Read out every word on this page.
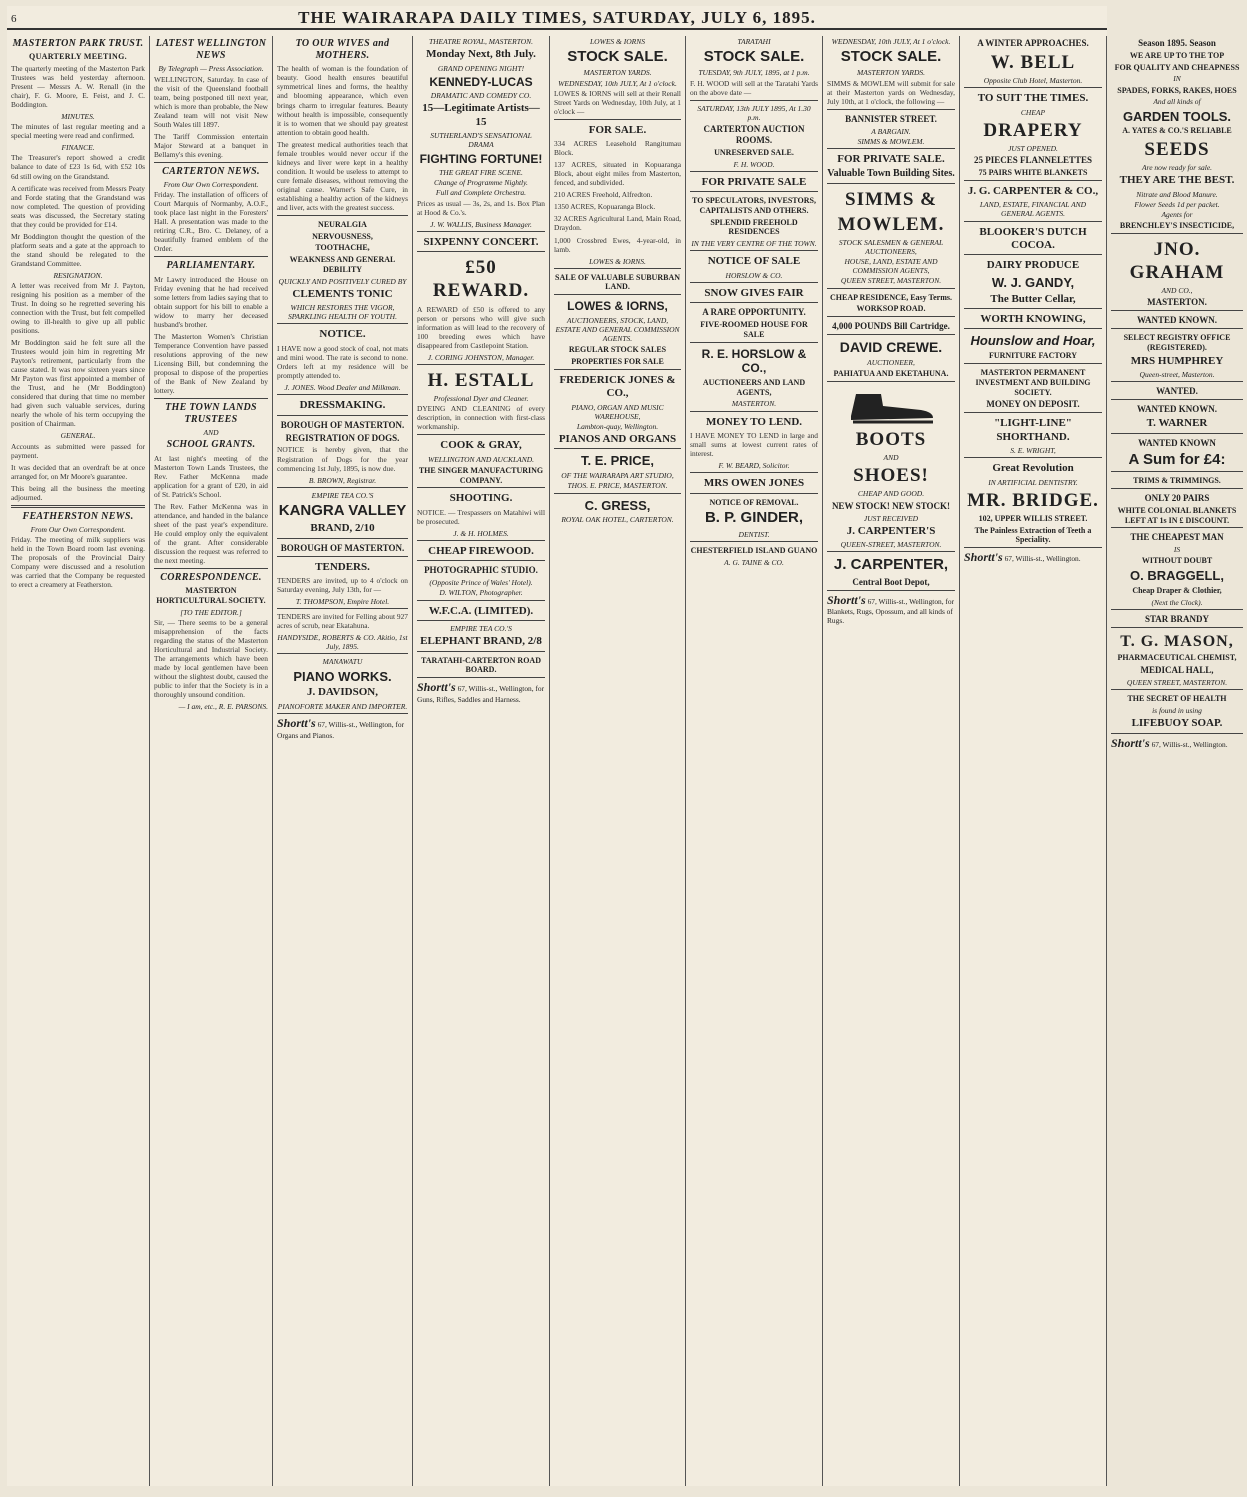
6	THE WAIRARAPA DAILY TIMES, SATURDAY, JULY 6, 1895.
MASTERTON PARK TRUST.
QUARTERLY MEETING.

The quarterly meeting of the Masterton Park Trustees was held yesterday afternoon. Present — Messrs A. W. Renall (in the chair), F. G. Moore, E. Feist, and J. C. Boddington.

MINUTES.

The minutes of last regular meeting and a special meeting were read and confirmed.

FINANCE.

The Treasurer's report showed a credit balance to date of £23 1s 6d, with £52 10s 6d still owing on the Grandstand.

A certificate was received from Messrs Peaty and Forde stating that the Grandstand was now completed. The question of providing seats was discussed, the Secretary stating that they could be provided for £14.

Mr Boddington thought the question of the platform seats and a gate at the approach to the stand should be relegated to the Grandstand Committee.

RESIGNATION.

A letter was received from Mr J. Payton, resigning his position as a member of the Trust. In doing so he regretted severing his connection with the Trust, but felt compelled owing to ill-health to give up all public positions.

Mr Boddington said he felt sure all the Trustees would join him in regretting Mr Payton's retirement, particularly from the cause stated. It was now sixteen years since Mr Payton was first appointed a member of the Trust, and he (Mr Boddington) considered that during that time no member had given such valuable services, during nearly the whole of his term occupying the position of Chairman.

GENERAL.

Accounts as submitted were passed for payment.

It was decided that an overdraft be at once arranged for, on Mr Moore's guarantee.

This being all the business the meeting adjourned.

FEATHERSTON NEWS.
From Our Own Correspondent.

Friday. The meeting of milk suppliers was held in the Town Board room last evening. The proposals of the Provincial Dairy Company were discussed and a resolution was carried that the Company be requested to erect a creamery at Featherston.

LATEST WELLINGTON NEWS
By Telegraph — Press Association.

WELLINGTON, Saturday. In case of the visit of the Queensland football team, being postponed till next year, which is more than probable, the New Zealand team will not visit New South Wales till 1897.

The Tariff Commission entertain Major Steward at a banquet in Bellamy's this evening.

CARTERTON NEWS.
From Our Own Correspondent.

Friday. The installation of officers of Court Marquis of Normanby, A.O.F., took place last night in the Foresters' Hall. A presentation was made to the retiring C.R., Bro. C. Delaney, of a beautifully framed emblem of the Order.

PARLIAMENTARY.

Mr Lawry introduced the House on Friday evening that he had received some letters from ladies saying that to obtain support for his bill to enable a widow to marry her deceased husband's brother.

The Masterton Women's Christian Temperance Convention have passed resolutions approving of the new Licensing Bill, but condemning the proposal to dispose of the properties of the Bank of New Zealand by lottery.

THE TOWN LANDS TRUSTEES
AND
SCHOOL GRANTS.

At last night's meeting of the Masterton Town Lands Trustees, the Rev. Father McKenna made application for a grant of £20, in aid of St. Patrick's School.

The Rev. Father McKenna was in attendance, and handed in the balance sheet of the past year's expenditure. He could employ only the equivalent of the grant. After considerable discussion the request was referred to the next meeting.

CORRESPONDENCE.
MASTERTON HORTICULTURAL SOCIETY.
[TO THE EDITOR.]

Sir, — There seems to be a general misapprehension of the facts regarding the status of the Masterton Horticultural and Industrial Society. The arrangements which have been made by local gentlemen have been without the slightest doubt, caused the public to infer that the Society is in a thoroughly unsound condition.

— I am, etc., R. E. PARSONS.
TO OUR WIVES and MOTHERS.

The health of woman is the foundation of beauty. Good health ensures beautiful symmetrical lines and forms, the healthy and blooming appearance, which even brings charm to irregular features. Beauty without health is impossible, consequently it is to women that we should pay greatest attention to obtain good health.

The greatest medical authorities teach that female troubles would never occur if the kidneys and liver were kept in a healthy condition. It would be useless to attempt to cure female diseases, without removing the original cause. Warner's Safe Cure, in establishing a healthy action of the kidneys and liver, acts with the greatest success.

NEURALGIA
NERVOUSNESS,
TOOTHACHE,
WEAKNESS AND GENERAL DEBILITY
QUICKLY AND POSITIVELY CURED BY
CLEMENTS TONIC
WHICH RESTORES THE VIGOR, SPARKLING HEALTH OF YOUTH.
NOTICE.

I HAVE now a good stock of coal, not mats and mini wood. The rate is second to none. Orders left at my residence will be promptly attended to.

J. JONES. Wood Dealer and Milkman.
DRESSMAKING.
BOROUGH OF MASTERTON.
REGISTRATION OF DOGS.

NOTICE is hereby given, that the Registration of Dogs for the year commencing 1st July, 1895, is now due.

B. BROWN, Registrar.
EMPIRE TEA CO.'S
KANGRA VALLEY
BRAND, 2/10
BOROUGH OF MASTERTON.
TENDERS.

TENDERS are invited, up to 4 o'clock on Saturday evening, July 13th, for —

T. THOMPSON, Empire Hotel.

TENDERS are invited for Felling about 927 acres of scrub, near Ekatahuna.

HANDYSIDE, ROBERTS & CO. Akitio, 1st July, 1895.
MANAWATU
PIANO WORKS.
J. DAVIDSON,
PIANOFORTE MAKER AND IMPORTER.
Shortt's 67, Willis-st., Wellington, for Organs and Pianos.
THEATRE ROYAL, MASTERTON.
Monday Next, 8th July.
GRAND OPENING NIGHT!
KENNEDY-LUCAS
DRAMATIC AND COMEDY CO.
15—Legitimate Artists—15
SUTHERLAND'S SENSATIONAL DRAMA
FIGHTING FORTUNE!
THE GREAT FIRE SCENE.
Change of Programme Nightly.
Full and Complete Orchestra.

Prices as usual — 3s, 2s, and 1s. Box Plan at Hood & Co.'s.

J. W. WALLIS, Business Manager.
SIXPENNY CONCERT.
£50 REWARD.

A REWARD of £50 is offered to any person or persons who will give such information as will lead to the recovery of 100 breeding ewes which have disappeared from Castlepoint Station.

J. CORING JOHNSTON, Manager.
H. ESTALL
Professional Dyer and Cleaner.

DYEING AND CLEANING of every description, in connection with first-class workmanship.

COOK & GRAY,
WELLINGTON AND AUCKLAND.
THE SINGER MANUFACTURING COMPANY.
SHOOTING.

NOTICE. — Trespassers on Matahiwi will be prosecuted.

J. & H. HOLMES.
CHEAP FIREWOOD.
PHOTOGRAPHIC STUDIO.
(Opposite Prince of Wales' Hotel).
D. WILTON, Photographer.
W.F.C.A. (LIMITED).
EMPIRE TEA CO.'S
ELEPHANT BRAND, 2/8
TARATAHI-CARTERTON ROAD BOARD.
Shortt's 67, Willis-st., Wellington, for Guns, Rifles, Saddles and Harness.
LOWES & IORNS
STOCK SALE.
MASTERTON YARDS.
WEDNESDAY, 10th JULY, At 1 o'clock.

LOWES & IORNS will sell at their Renall Street Yards on Wednesday, 10th July, at 1 o'clock —

FOR SALE.

334 ACRES Leasehold Rangitumau Block.

137 ACRES, situated in Kopuaranga Block, about eight miles from Masterton, fenced, and subdivided.

210 ACRES Freehold, Alfredton.

1350 ACRES, Kopuaranga Block.

32 ACRES Agricultural Land, Main Road, Draydon.

1,000 Crossbred Ewes, 4-year-old, in lamb.

LOWES & IORNS.
SALE OF VALUABLE SUBURBAN LAND.
LOWES & IORNS,
AUCTIONEERS, STOCK, LAND, ESTATE AND GENERAL COMMISSION AGENTS.
REGULAR STOCK SALES
PROPERTIES FOR SALE
FREDERICK JONES & CO.,
PIANO, ORGAN AND MUSIC WAREHOUSE,
Lambton-quay, Wellington.
PIANOS AND ORGANS
T. E. PRICE,
OF THE WAIRARAPA ART STUDIO,
THOS. E. PRICE, MASTERTON.
C. GRESS,
ROYAL OAK HOTEL, CARTERTON.
TARATAHI
STOCK SALE.
TUESDAY, 9th JULY, 1895, at 1 p.m.

F. H. WOOD will sell at the Taratahi Yards on the above date —

SATURDAY, 13th JULY 1895, At 1.30 p.m.
CARTERTON AUCTION ROOMS.
UNRESERVED SALE.
F. H. WOOD.
FOR PRIVATE SALE
TO SPECULATORS, INVESTORS, CAPITALISTS AND OTHERS.
SPLENDID FREEHOLD RESIDENCES
IN THE VERY CENTRE OF THE TOWN.
NOTICE OF SALE
HORSLOW & CO.
SNOW GIVES FAIR
A RARE OPPORTUNITY.
FIVE-ROOMED HOUSE FOR SALE
R. E. HORSLOW & CO.,
AUCTIONEERS AND LAND AGENTS,
MASTERTON.
MONEY TO LEND.

I HAVE MONEY TO LEND in large and small sums at lowest current rates of interest.

F. W. BEARD, Solicitor.
MRS OWEN JONES
NOTICE OF REMOVAL.
B. P. GINDER,
DENTIST.
CHESTERFIELD ISLAND GUANO
A. G. TAINE & CO.
WEDNESDAY, 10th JULY, At 1 o'clock.
STOCK SALE.
MASTERTON YARDS.

SIMMS & MOWLEM will submit for sale at their Masterton yards on Wednesday, July 10th, at 1 o'clock, the following —

BANNISTER STREET.
A BARGAIN.
SIMMS & MOWLEM.
FOR PRIVATE SALE.
Valuable Town Building Sites.
SIMMS &
MOWLEM.
STOCK SALESMEN & GENERAL AUCTIONEERS,
HOUSE, LAND, ESTATE AND COMMISSION AGENTS,
QUEEN STREET, MASTERTON.
CHEAP RESIDENCE, Easy Terms.
WORKSOP ROAD.
4,000 POUNDS Bill Cartridge.
DAVID CREWE.
AUCTIONEER,
PAHIATUA AND EKETAHUNA.
BOOTS
AND
SHOES!
CHEAP AND GOOD.
NEW STOCK! NEW STOCK!
JUST RECEIVED
J. CARPENTER'S
QUEEN-STREET, MASTERTON.
J. CARPENTER,
Central Boot Depot,
Shortt's 67, Willis-st., Wellington, for Blankets, Rugs, Opossum, and all kinds of Rugs.
A WINTER APPROACHES.
W. BELL
Opposite Club Hotel, Masterton.
TO SUIT THE TIMES.
CHEAP
DRAPERY
JUST OPENED.
25 PIECES FLANNELETTES
75 PAIRS WHITE BLANKETS
J. G. CARPENTER & CO.,
LAND, ESTATE, FINANCIAL AND GENERAL AGENTS.
BLOOKER'S DUTCH COCOA.
DAIRY PRODUCE
W. J. GANDY,
The Butter Cellar,
WORTH KNOWING,
Hounslow and Hoar,
FURNITURE FACTORY
MASTERTON PERMANENT INVESTMENT AND BUILDING SOCIETY.
MONEY ON DEPOSIT.
"LIGHT-LINE" SHORTHAND.
S. E. WRIGHT,
Great Revolution
IN ARTIFICIAL DENTISTRY.
MR. BRIDGE.
102, UPPER WILLIS STREET.
The Painless Extraction of Teeth a Speciality.
Shortt's 67, Willis-st., Wellington.
Season 1895. Season
WE ARE UP TO THE TOP
FOR QUALITY AND CHEAPNESS
IN
SPADES, FORKS, RAKES, HOES
And all kinds of
GARDEN TOOLS.
A. YATES & CO.'S RELIABLE
SEEDS
Are now ready for sale.
THEY ARE THE BEST.
Nitrate and Blood Manure.
Flower Seeds 1d per packet.
Agents for
BRENCHLEY'S INSECTICIDE,
JNO. GRAHAM
AND CO.,
MASTERTON.
WANTED KNOWN.
SELECT REGISTRY OFFICE (REGISTERED).
MRS HUMPHREY
Queen-street, Masterton.
WANTED.
WANTED KNOWN.
T. WARNER
WANTED KNOWN
A Sum for £4:
TRIMS & TRIMMINGS.
ONLY 20 PAIRS
WHITE COLONIAL BLANKETS LEFT AT 1s IN £ DISCOUNT.
THE CHEAPEST MAN
IS
WITHOUT DOUBT
O. BRAGGELL,
Cheap Draper & Clothier,
(Next the Clock).
STAR BRANDY
T. G. MASON,
PHARMACEUTICAL CHEMIST,
MEDICAL HALL,
QUEEN STREET, MASTERTON.
THE SECRET OF HEALTH
is found in using
LIFEBUOY SOAP.
Shortt's 67, Willis-st., Wellington.
